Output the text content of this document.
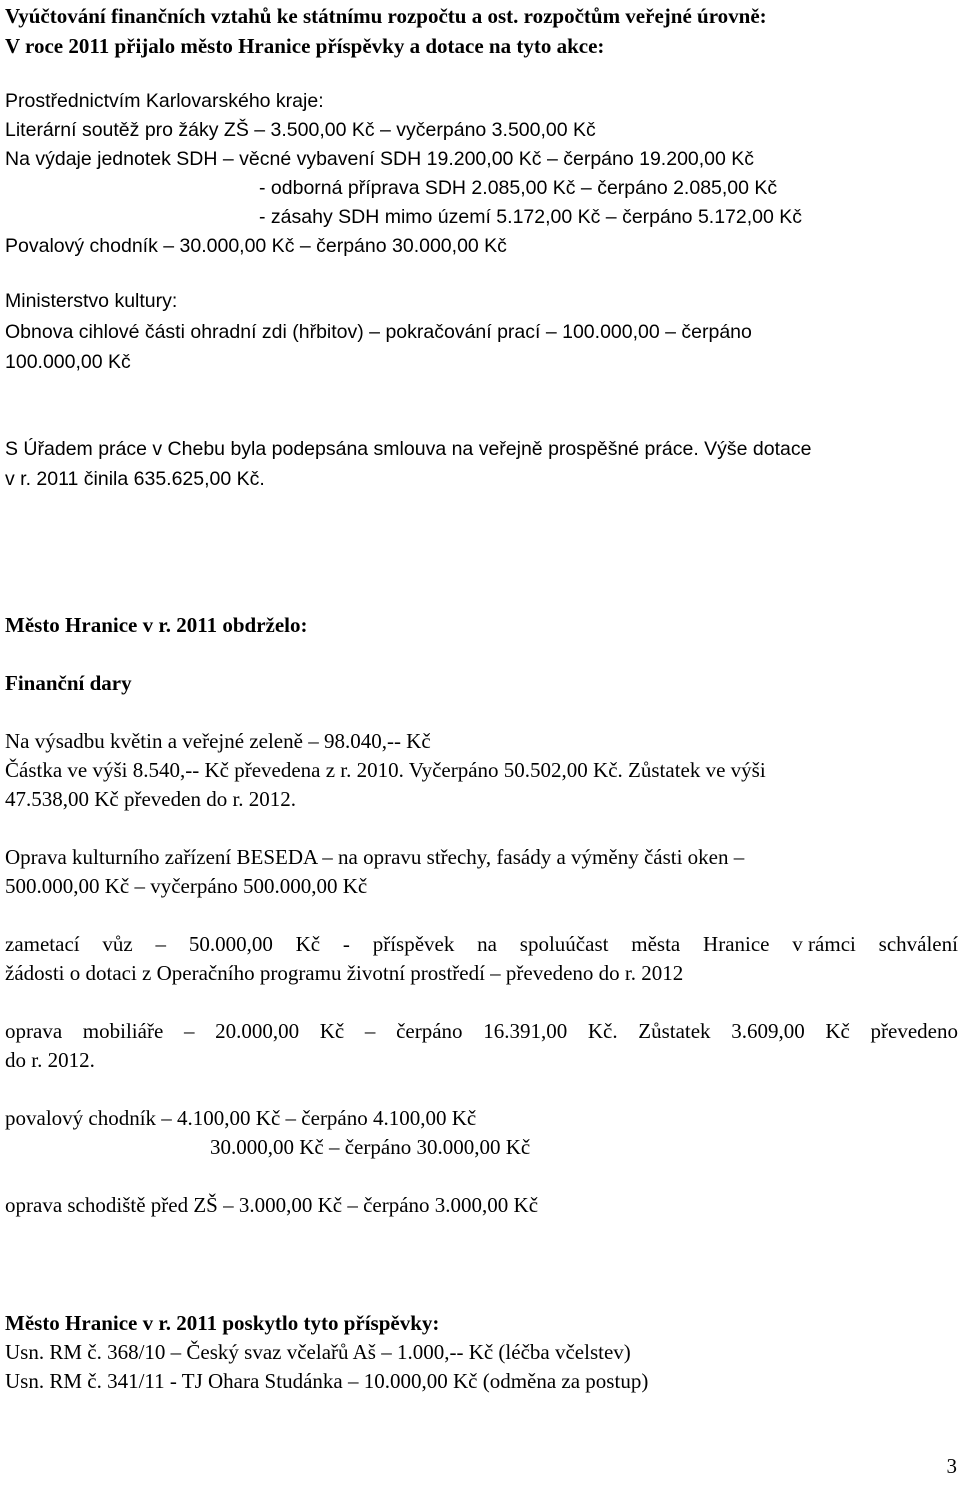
Vyúčtování finančních vztahů ke státnímu rozpočtu a ost. rozpočtům veřejné úrovně:
V roce 2011 přijalo město Hranice příspěvky a dotace na tyto akce:
Prostřednictvím Karlovarského kraje:
Literární soutěž pro žáky ZŠ – 3.500,00 Kč – vyčerpáno 3.500,00 Kč
Na výdaje jednotek SDH – věcné vybavení SDH 19.200,00 Kč – čerpáno 19.200,00 Kč
- odborná příprava SDH 2.085,00 Kč – čerpáno 2.085,00 Kč
- zásahy SDH mimo území 5.172,00 Kč – čerpáno 5.172,00 Kč
Povalový chodník – 30.000,00 Kč – čerpáno 30.000,00 Kč
Ministerstvo kultury:
Obnova cihlové části ohradní zdi (hřbitov) – pokračování prací – 100.000,00 – čerpáno
100.000,00 Kč
S Úřadem práce v Chebu byla podepsána smlouva na veřejně prospěšné práce. Výše dotace
v r. 2011 činila 635.625,00 Kč.
Město Hranice v r. 2011 obdrželo:
Finanční dary
Na výsadbu květin a veřejné zeleně – 98.040,-- Kč
Částka ve výši 8.540,-- Kč převedena z r. 2010. Vyčerpáno 50.502,00 Kč. Zůstatek ve výši
47.538,00 Kč převeden do r. 2012.
Oprava kulturního zařízení BESEDA – na opravu střechy, fasády a výměny části oken –
500.000,00 Kč – vyčerpáno 500.000,00 Kč
zametací vůz – 50.000,00 Kč - příspěvek na spoluúčast města Hranice v rámci schválení
žádosti o dotaci z Operačního programu životní prostředí – převedeno do r. 2012
oprava mobiliáře – 20.000,00 Kč – čerpáno 16.391,00 Kč. Zůstatek 3.609,00 Kč převedeno
do r. 2012.
povalový chodník – 4.100,00 Kč – čerpáno 4.100,00 Kč
30.000,00 Kč – čerpáno 30.000,00 Kč
oprava schodiště před ZŠ – 3.000,00 Kč – čerpáno 3.000,00 Kč
Město Hranice v r. 2011 poskytlo tyto příspěvky:
Usn. RM č. 368/10 – Český svaz včelařů Aš – 1.000,-- Kč (léčba včelstev)
Usn. RM č. 341/11 - TJ Ohara Studánka – 10.000,00 Kč (odměna za postup)
3
